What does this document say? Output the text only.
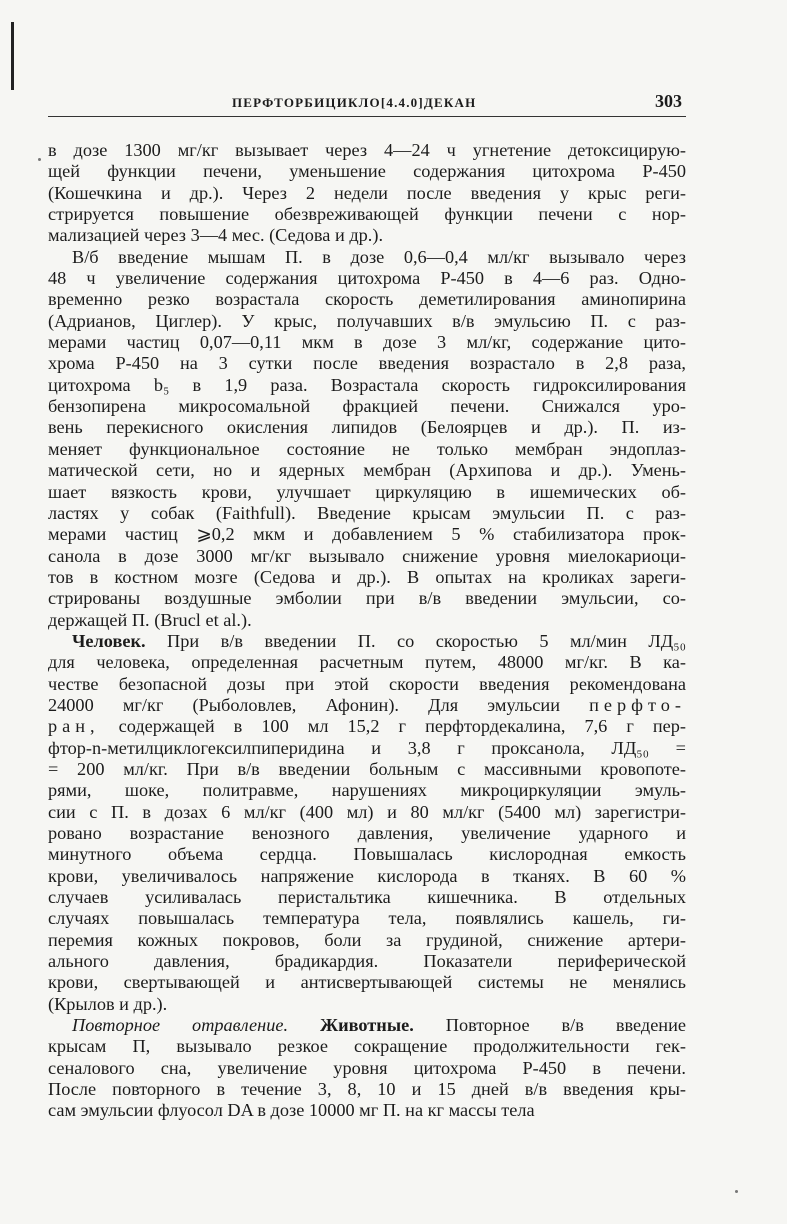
ПЕРФТОРБИЦИКЛО[4.4.0]ДЕКАН	303
в дозе 1300 мг/кг вызывает через 4—24 ч угнетение детоксицирую-
щей функции печени, уменьшение содержания цитохрома Р-450
(Кошечкина и др.). Через 2 недели после введения у крыс реги-
стрируется повышение обезвреживающей функции печени с нор-
мализацией через 3—4 мес. (Седова и др.).
В/б введение мышам П. в дозе 0,6—0,4 мл/кг вызывало через
48 ч увеличение содержания цитохрома Р-450 в 4—6 раз. Одно-
временно резко возрастала скорость деметилирования аминопирина
(Адрианов, Циглер). У крыс, получавших в/в эмульсию П. с раз-
мерами частиц 0,07—0,11 мкм в дозе 3 мл/кг, содержание цито-
хрома Р-450 на 3 сутки после введения возрастало в 2,8 раза,
цитохрома b₅ в 1,9 раза. Возрастала скорость гидроксилирования
бензопирена микросомальной фракцией печени. Снижался уро-
вень перекисного окисления липидов (Белоярцев и др.). П. из-
меняет функциональное состояние не только мембран эндоплаз-
матической сети, но и ядерных мембран (Архипова и др.). Умень-
шает вязкость крови, улучшает циркуляцию в ишемических об-
ластях у собак (Faithfull). Введение крысам эмульсии П. с раз-
мерами частиц ⩾0,2 мкм и добавлением 5 % стабилизатора прок-
санола в дозе 3000 мг/кг вызывало снижение уровня миелокариоци-
тов в костном мозге (Седова и др.). В опытах на кроликах зареги-
стрированы воздушные эмболии при в/в введении эмульсии, со-
держащей П. (Brucl et al.).
Человек. При в/в введении П. со скоростью 5 мл/мин ЛД₅₀
для человека, определенная расчетным путем, 48000 мг/кг. В ка-
честве безопасной дозы при этой скорости введения рекомендована
24000 мг/кг (Рыболовлев, Афонин). Для эмульсии перфто-
ран, содержащей в 100 мл 15,2 г перфтордекалина, 7,6 г пер-
фтор-n-метилциклогексилпиперидина и 3,8 г проксанола, ЛД₅₀ =
= 200 мл/кг. При в/в введении больным с массивными кровопоте-
рями, шоке, политравме, нарушениях микроциркуляции эмуль-
сии с П. в дозах 6 мл/кг (400 мл) и 80 мл/кг (5400 мл) зарегистри-
ровано возрастание венозного давления, увеличение ударного и
минутного объема сердца. Повышалась кислородная емкость
крови, увеличивалось напряжение кислорода в тканях. В 60 %
случаев усиливалась перистальтика кишечника. В отдельных
случаях повышалась температура тела, появлялись кашель, ги-
перемия кожных покровов, боли за грудиной, снижение артери-
ального давления, брадикардия. Показатели периферической
крови, свертывающей и антисвертывающей системы не менялись
(Крылов и др.).
Повторное отравление. Животные. Повторное в/в введение
крысам П, вызывало резкое сокращение продолжительности гек-
сеналового сна, увеличение уровня цитохрома Р-450 в печени.
После повторного в течение 3, 8, 10 и 15 дней в/в введения кры-
сам эмульсии флуосол DA в дозе 10000 мг П. на кг массы тела
